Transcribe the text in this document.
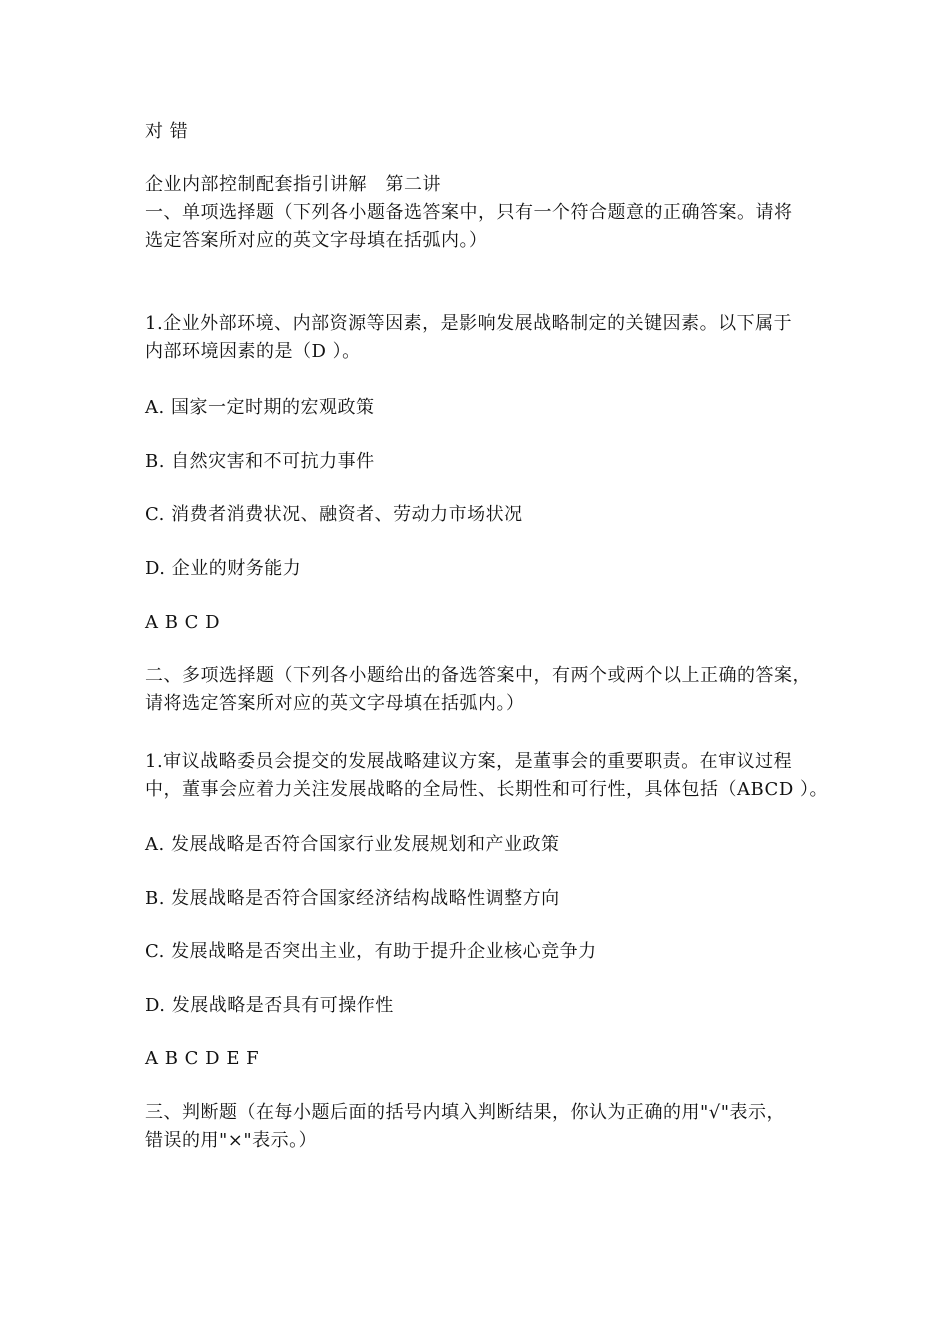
对 错
企业内部控制配套指引讲解　第二讲
一、单项选择题（下列各小题备选答案中，只有一个符合题意的正确答案。请将
选定答案所对应的英文字母填在括弧内。）
1.企业外部环境、内部资源等因素，是影响发展战略制定的关键因素。以下属于
内部环境因素的是（D ）。
A. 国家一定时期的宏观政策
B. 自然灾害和不可抗力事件
C. 消费者消费状况、融资者、劳动力市场状况
D. 企业的财务能力
A B C D
二、多项选择题（下列各小题给出的备选答案中，有两个或两个以上正确的答案，
请将选定答案所对应的英文字母填在括弧内。）
1.审议战略委员会提交的发展战略建议方案，是董事会的重要职责。在审议过程
中，董事会应着力关注发展战略的全局性、长期性和可行性，具体包括（ABCD ）。
A. 发展战略是否符合国家行业发展规划和产业政策
B. 发展战略是否符合国家经济结构战略性调整方向
C. 发展战略是否突出主业，有助于提升企业核心竞争力
D. 发展战略是否具有可操作性
A B C D E F
三、判断题（在每小题后面的括号内填入判断结果，你认为正确的用"√"表示，
错误的用"×"表示。）
